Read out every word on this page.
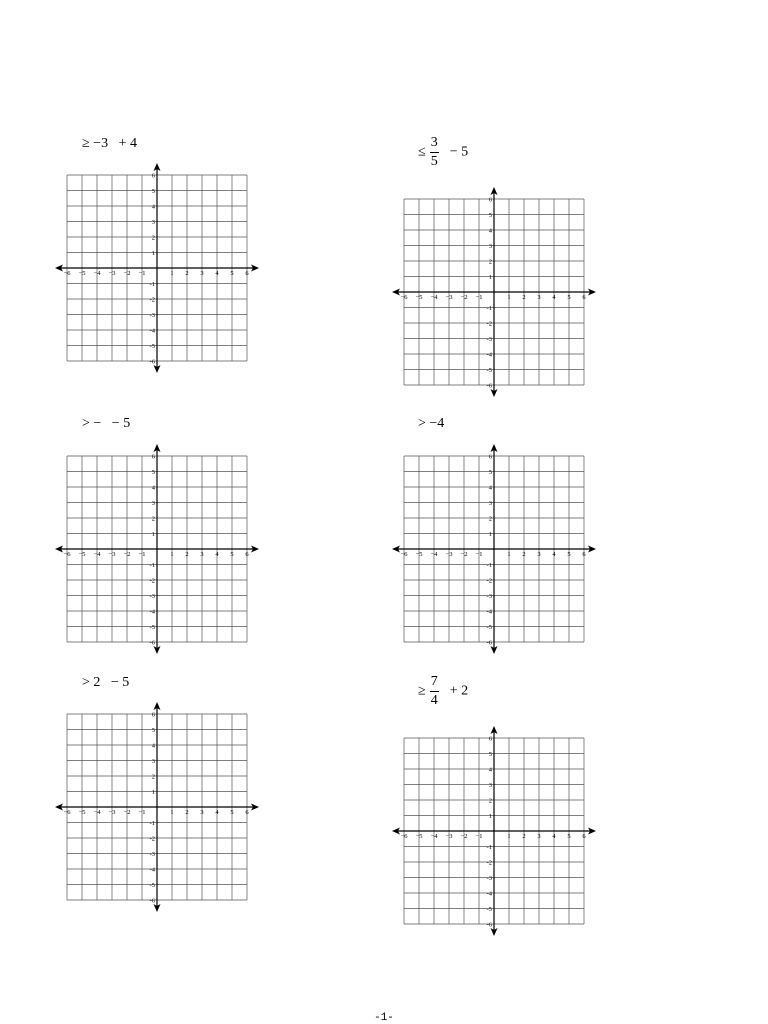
≥ −3 + 4
≤ $\frac{3}{5} - 5$
> − − 5	> −4
> 2 − 5
≥ $\frac{7}{4} + 2$
−6 −5 −4 −3 −2 −1	1 2 3 4 5 6
6
5
4
3
2
1
-1
-2
-3
-4
-5
-6
−6 −5 −4 −3 −2 −1	1 2 3 4 5 6
6
5
4
3
2
1
-1
-2
-3
-4
-5
-6
−6 −5 −4 −3 −2 −1	1 2 3 4 5 6
6
5
4
3
2
1
-1
-2
-3
-4
-5
-6
−6 −5 −4 −3 −2 −1	1 2 3 4 5 6
6
5
4
3
2
1
-1
-2
-3
-4
-5
-6
−6 −5 −4 −3 −2 −1	1 2 3 4 5 6
6
5
4
3
2
1
-1
-2
-3
-4
-5
-6
−6 −5 −4 −3 −2 −1	1 2 3 4 5 6
6
5
4
3
2
1
-1
-2
-3
-4
-5
-6
-1-
